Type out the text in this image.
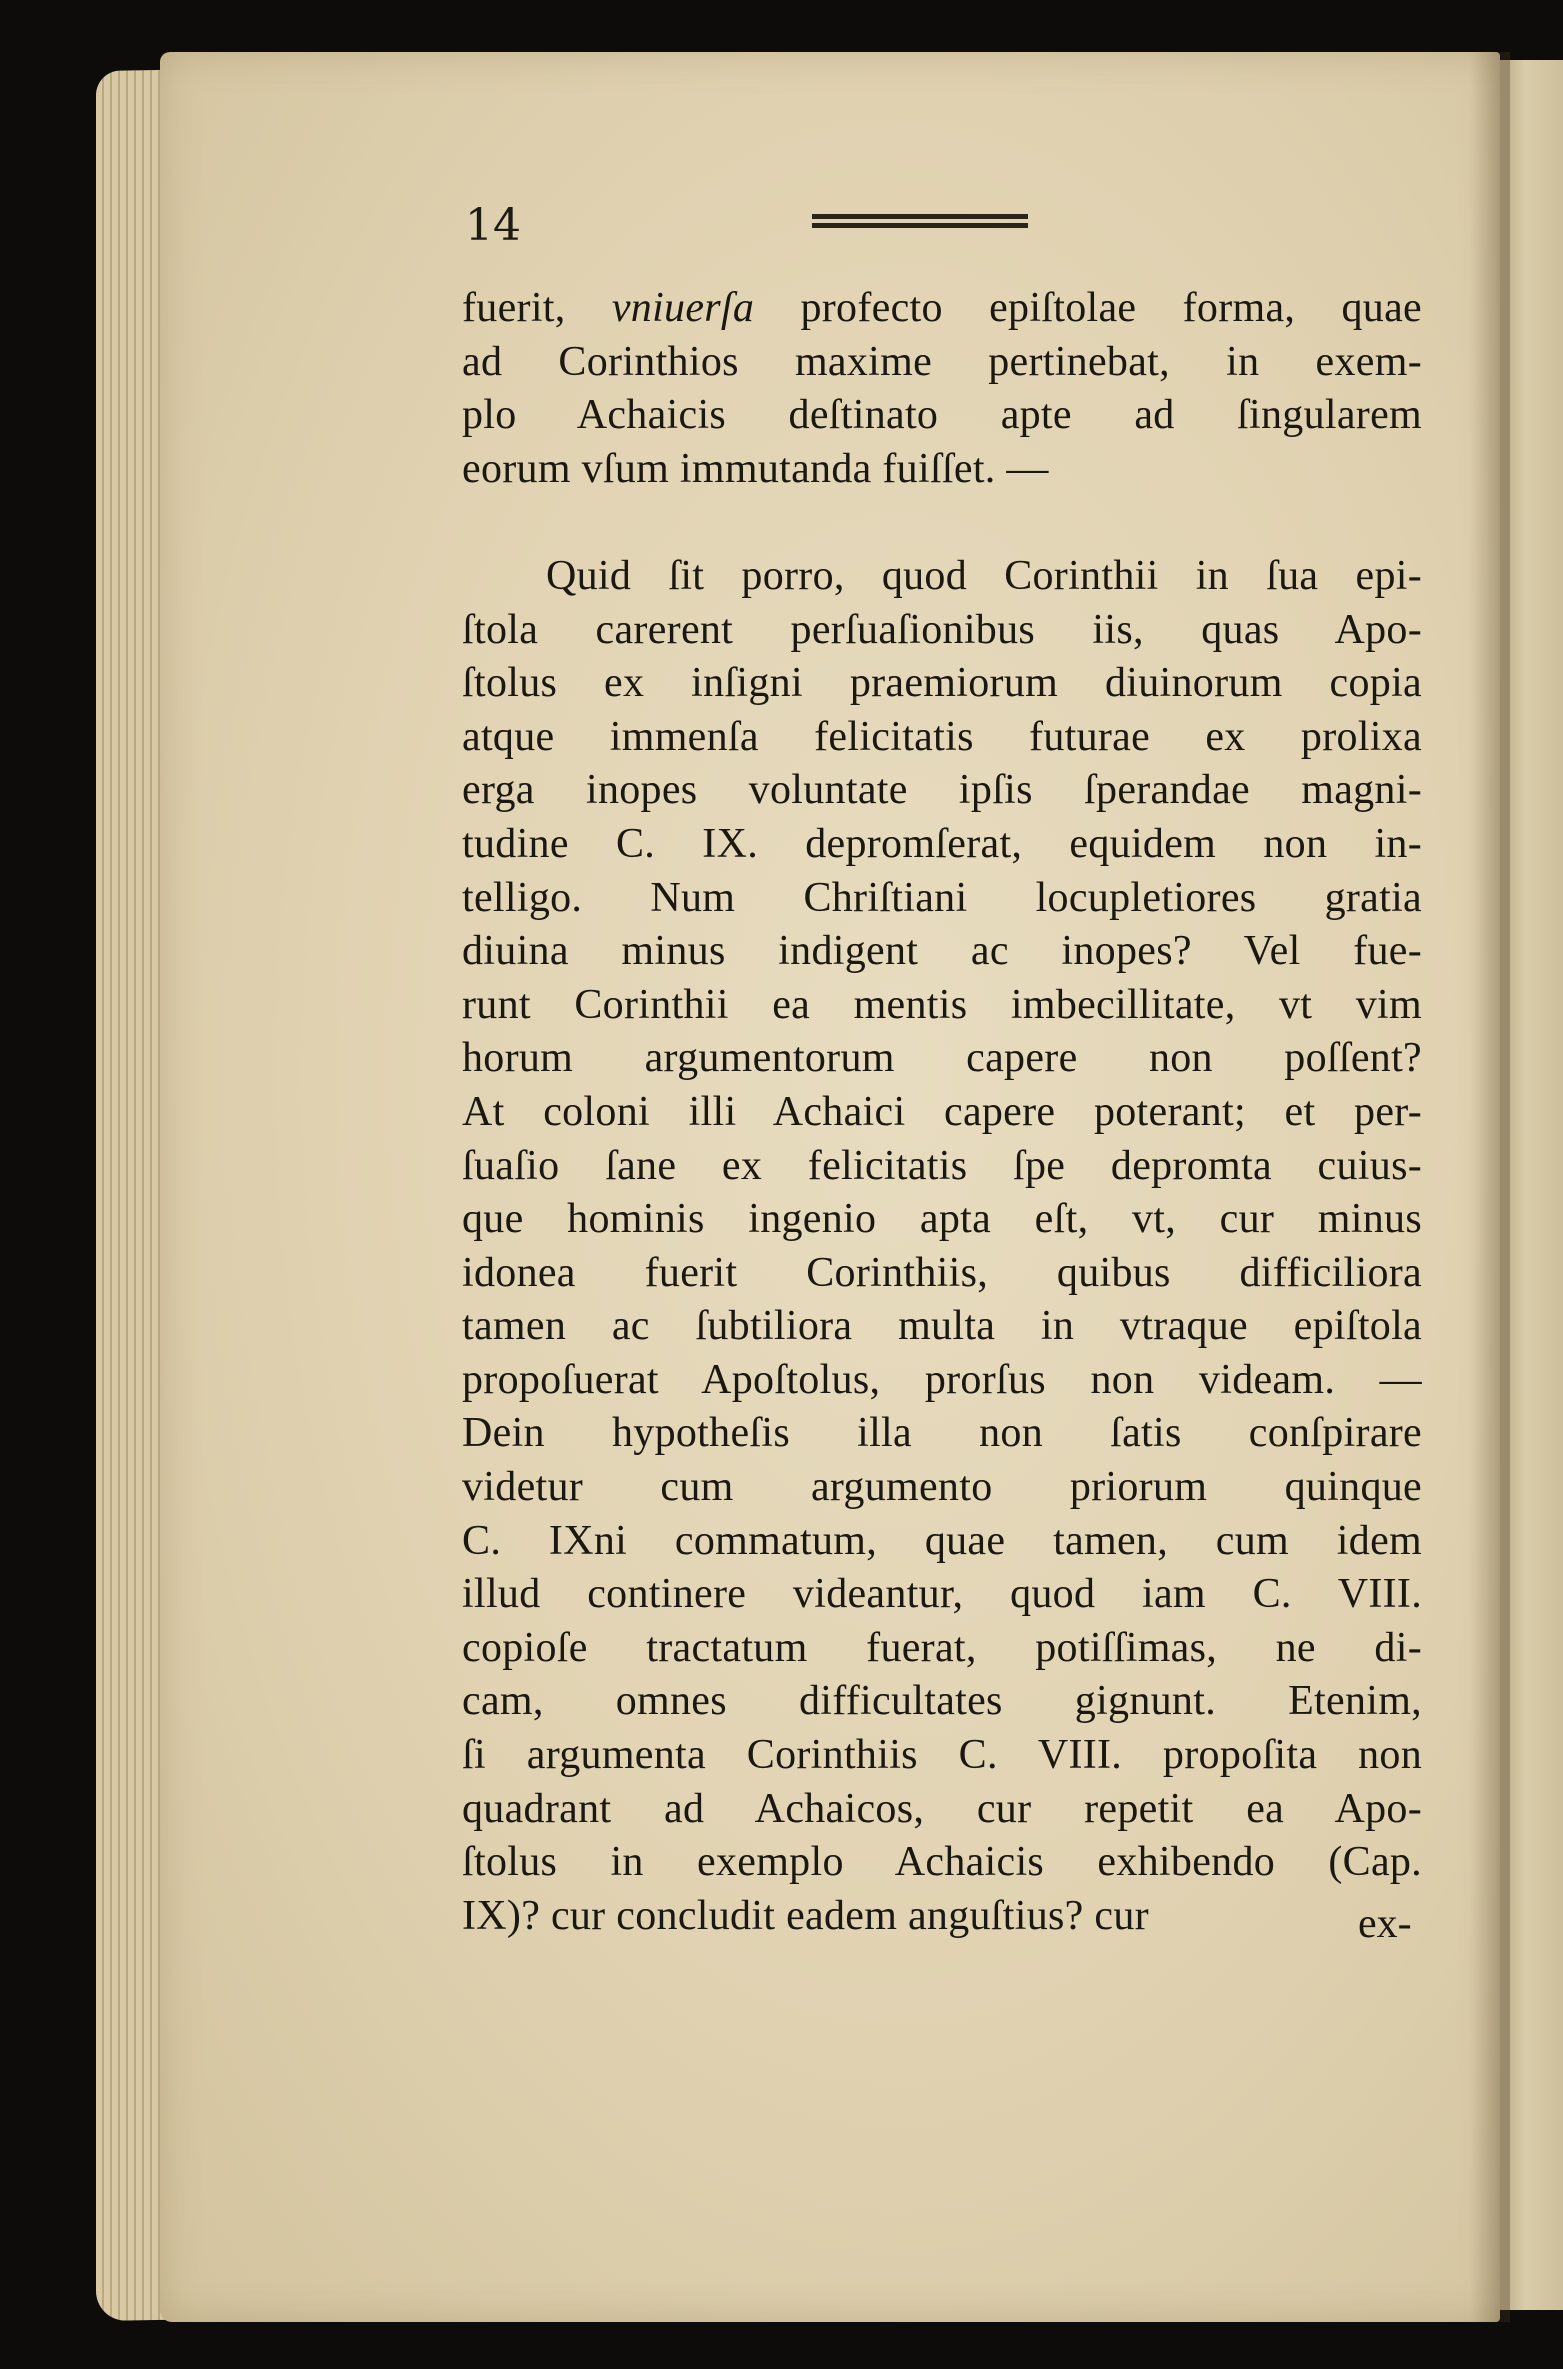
14
fuerit, vniuerſa profecto epiſtolae forma, quae
ad Corinthios maxime pertinebat, in exem-
plo Achaicis deſtinato apte ad ſingularem
eorum vſum immutanda fuiſſet. —
Quid ſit porro, quod Corinthii in ſua epi-
ſtola carerent perſuaſionibus iis, quas Apo-
ſtolus ex inſigni praemiorum diuinorum copia
atque immenſa felicitatis futurae ex prolixa
erga inopes voluntate ipſis ſperandae magni-
tudine C. IX. depromſerat, equidem non in-
telligo. Num Chriſtiani locupletiores gratia
diuina minus indigent ac inopes? Vel fue-
runt Corinthii ea mentis imbecillitate, vt vim
horum argumentorum capere non poſſent?
At coloni illi Achaici capere poterant; et per-
ſuaſio ſane ex felicitatis ſpe depromta cuius-
que hominis ingenio apta eſt, vt, cur minus
idonea fuerit Corinthiis, quibus difficiliora
tamen ac ſubtiliora multa in vtraque epiſtola
propoſuerat Apoſtolus, prorſus non videam. —
Dein hypotheſis illa non ſatis conſpirare
videtur cum argumento priorum quinque
C. IXni commatum, quae tamen, cum idem
illud continere videantur, quod iam C. VIII.
copioſe tractatum fuerat, potiſſimas, ne di-
cam, omnes difficultates gignunt. Etenim,
ſi argumenta Corinthiis C. VIII. propoſita non
quadrant ad Achaicos, cur repetit ea Apo-
ſtolus in exemplo Achaicis exhibendo (Cap.
IX)? cur concludit eadem anguſtius? cur	ex-
